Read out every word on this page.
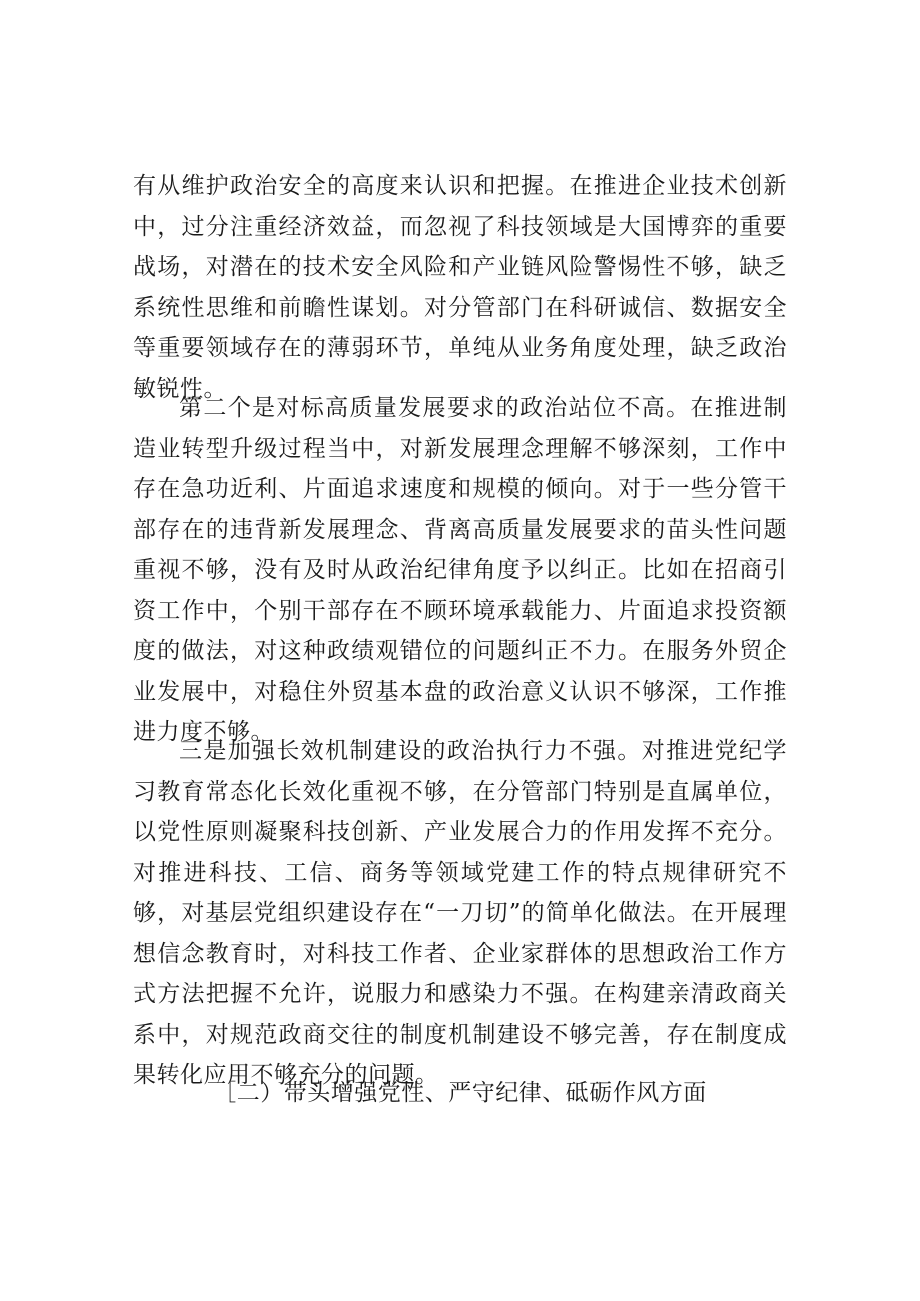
有从维护政治安全的高度来认识和把握。在推进企业技术创新中，过分注重经济效益，而忽视了科技领域是大国博弈的重要战场，对潜在的技术安全风险和产业链风险警惕性不够，缺乏系统性思维和前瞻性谋划。对分管部门在科研诚信、数据安全等重要领域存在的薄弱环节，单纯从业务角度处理，缺乏政治敏锐性。

第二个是对标高质量发展要求的政治站位不高。在推进制造业转型升级过程当中，对新发展理念理解不够深刻，工作中存在急功近利、片面追求速度和规模的倾向。对于一些分管干部存在的违背新发展理念、背离高质量发展要求的苗头性问题重视不够，没有及时从政治纪律角度予以纠正。比如在招商引资工作中，个别干部存在不顾环境承载能力、片面追求投资额度的做法，对这种政绩观错位的问题纠正不力。在服务外贸企业发展中，对稳住外贸基本盘的政治意义认识不够深，工作推进力度不够。

三是加强长效机制建设的政治执行力不强。对推进党纪学习教育常态化长效化重视不够，在分管部门特别是直属单位，以党性原则凝聚科技创新、产业发展合力的作用发挥不充分。对推进科技、工信、商务等领域党建工作的特点规律研究不够，对基层党组织建设存在“一刀切”的简单化做法。在开展理想信念教育时，对科技工作者、企业家群体的思想政治工作方式方法把握不允许，说服力和感染力不强。在构建亲清政商关系中，对规范政商交往的制度机制建设不够完善，存在制度成果转化应用不够充分的问题。

［二）带头增强党性、严守纪律、砥砺作风方面
